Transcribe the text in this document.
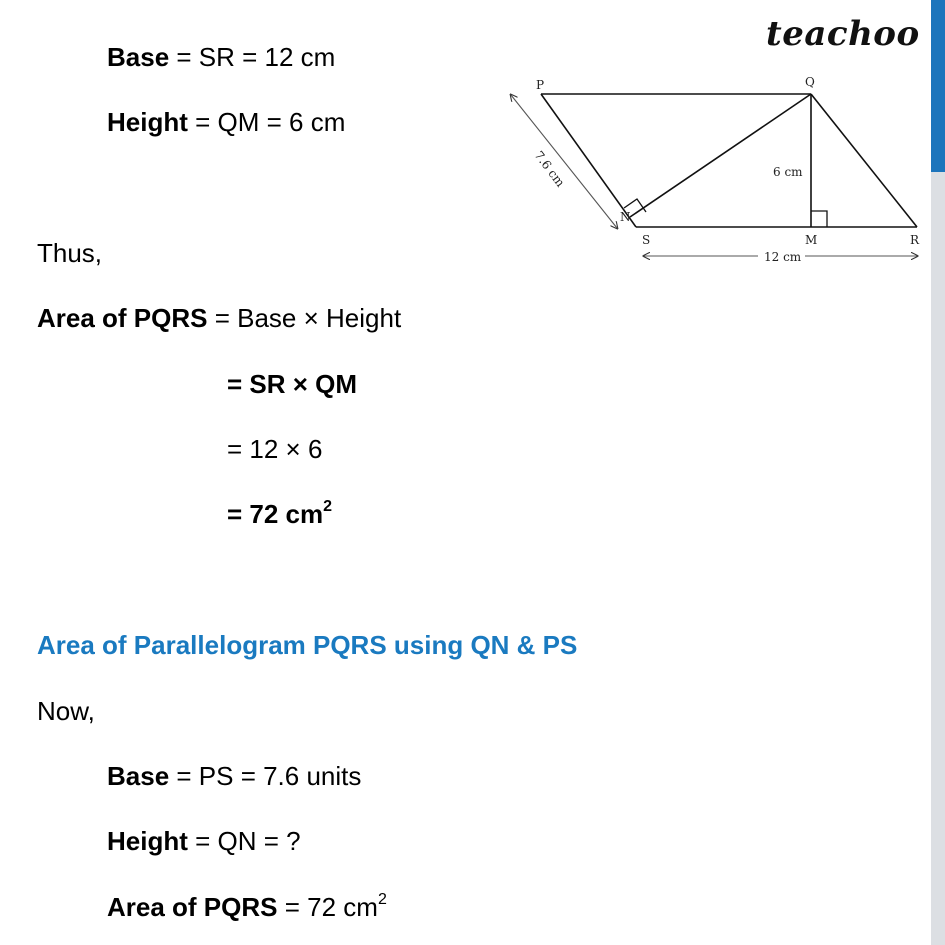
teachoo
Base = SR = 12 cm
Height = QM = 6 cm
Thus,
Area of PQRS = Base × Height
= SR × QM
= 12 × 6
= 72 $cm^2$
Area of Parallelogram PQRS using QN & PS
Now,
Base = PS = 7.6 units
Height = QN = ?
Area of PQRS = 72 $cm^2$
P	Q
N
S	M	R
6 cm
12 cm
7.6 cm
